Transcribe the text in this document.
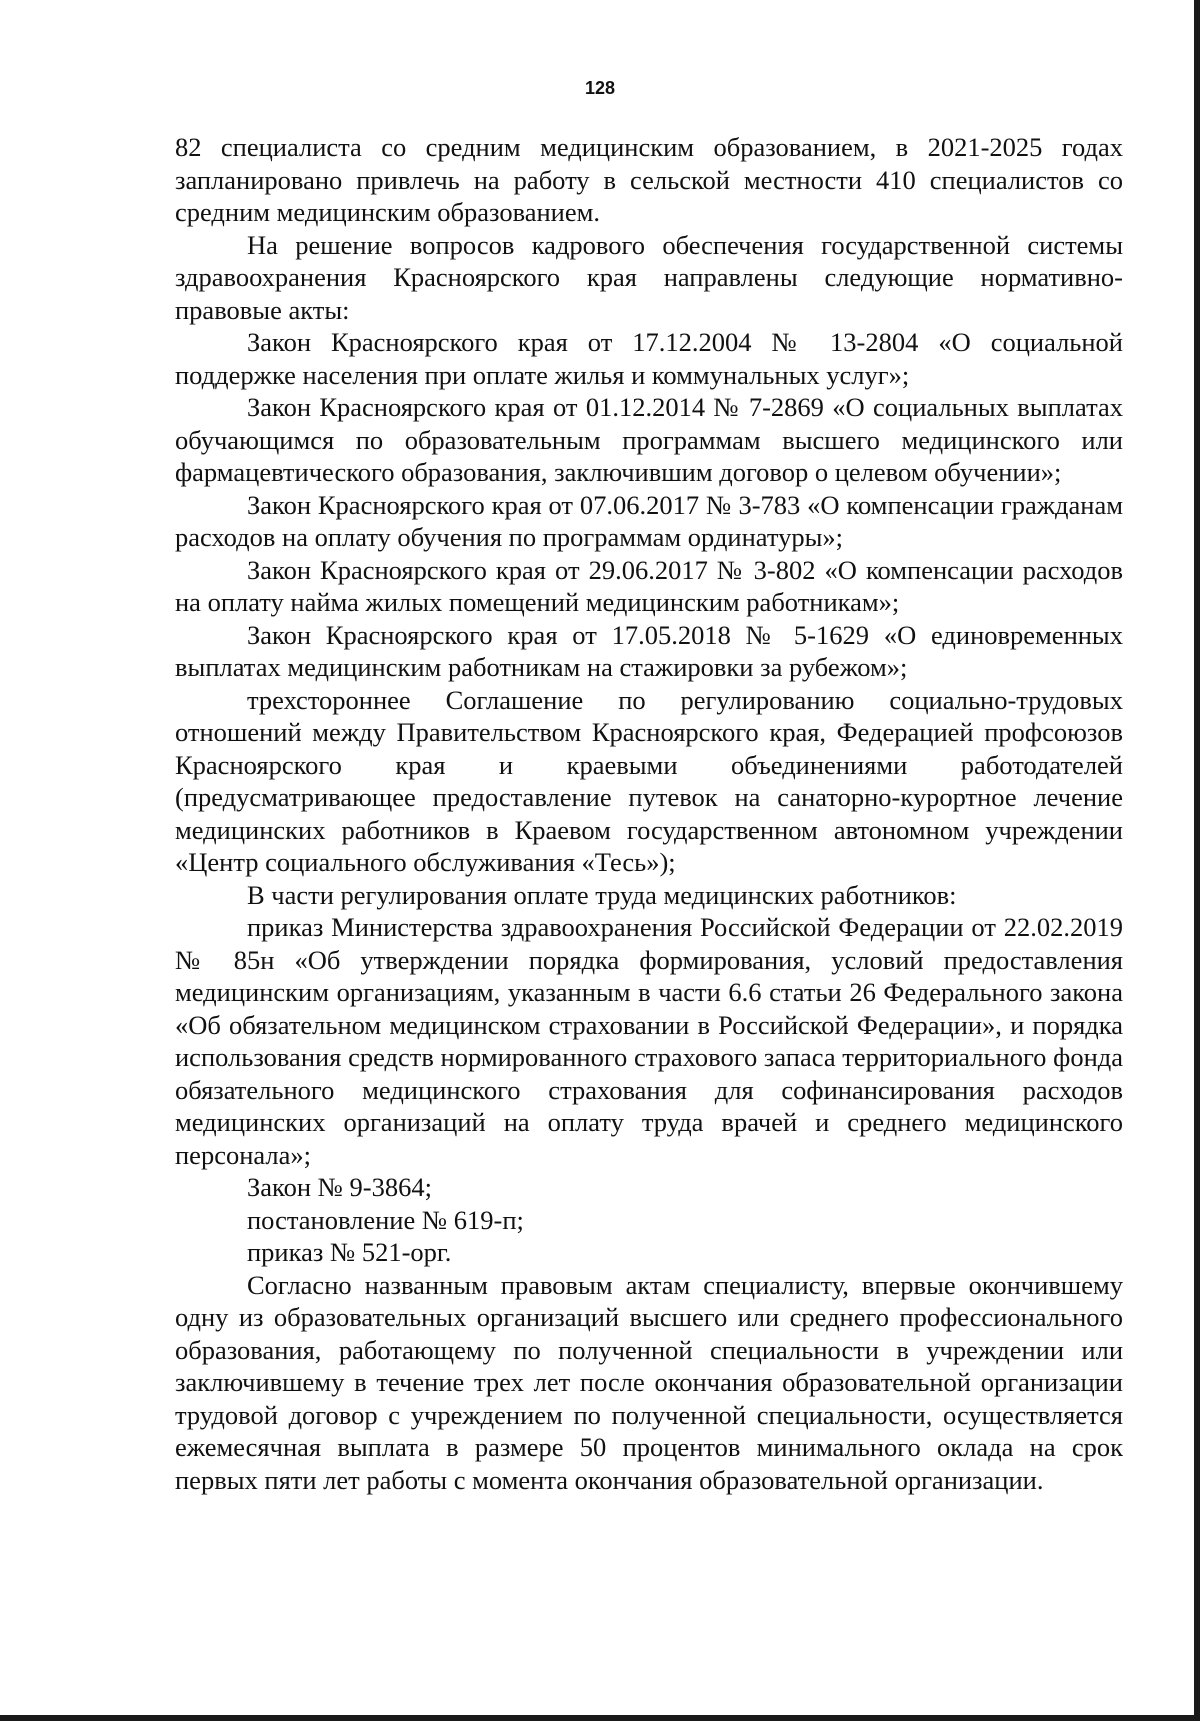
128

82 специалиста со средним медицинским образованием, в 2021-2025 годах запланировано привлечь на работу в сельской местности 410 специалистов со средним медицинским образованием.

На решение вопросов кадрового обеспечения государственной системы здравоохранения Красноярского края направлены следующие нормативно-правовые акты:

Закон Красноярского края от 17.12.2004 № 13-2804 «О социальной поддержке населения при оплате жилья и коммунальных услуг»;

Закон Красноярского края от 01.12.2014 № 7-2869 «О социальных выплатах обучающимся по образовательным программам высшего медицинского или фармацевтического образования, заключившим договор о целевом обучении»;

Закон Красноярского края от 07.06.2017 № 3-783 «О компенсации гражданам расходов на оплату обучения по программам ординатуры»;

Закон Красноярского края от 29.06.2017 № 3-802 «О компенсации расходов на оплату найма жилых помещений медицинским работникам»;

Закон Красноярского края от 17.05.2018 № 5-1629 «О единовременных выплатах медицинским работникам на стажировки за рубежом»;

трехстороннее Соглашение по регулированию социально-трудовых отношений между Правительством Красноярского края, Федерацией профсоюзов Красноярского края и краевыми объединениями работодателей (предусматривающее предоставление путевок на санаторно-курортное лечение медицинских работников в Краевом государственном автономном учреждении «Центр социального обслуживания «Тесь»);

В части регулирования оплате труда медицинских работников:

приказ Министерства здравоохранения Российской Федерации от 22.02.2019 № 85н «Об утверждении порядка формирования, условий предоставления медицинским организациям, указанным в части 6.6 статьи 26 Федерального закона «Об обязательном медицинском страховании в Российской Федерации», и порядка использования средств нормированного страхового запаса территориального фонда обязательного медицинского страхования для софинансирования расходов медицинских организаций на оплату труда врачей и среднего медицинского персонала»;

Закон № 9-3864;

постановление № 619-п;

приказ № 521-орг.

Согласно названным правовым актам специалисту, впервые окончившему одну из образовательных организаций высшего или среднего профессионального образования, работающему по полученной специальности в учреждении или заключившему в течение трех лет после окончания образовательной организации трудовой договор с учреждением по полученной специальности, осуществляется ежемесячная выплата в размере 50 процентов минимального оклада на срок первых пяти лет работы с момента окончания образовательной организации.
